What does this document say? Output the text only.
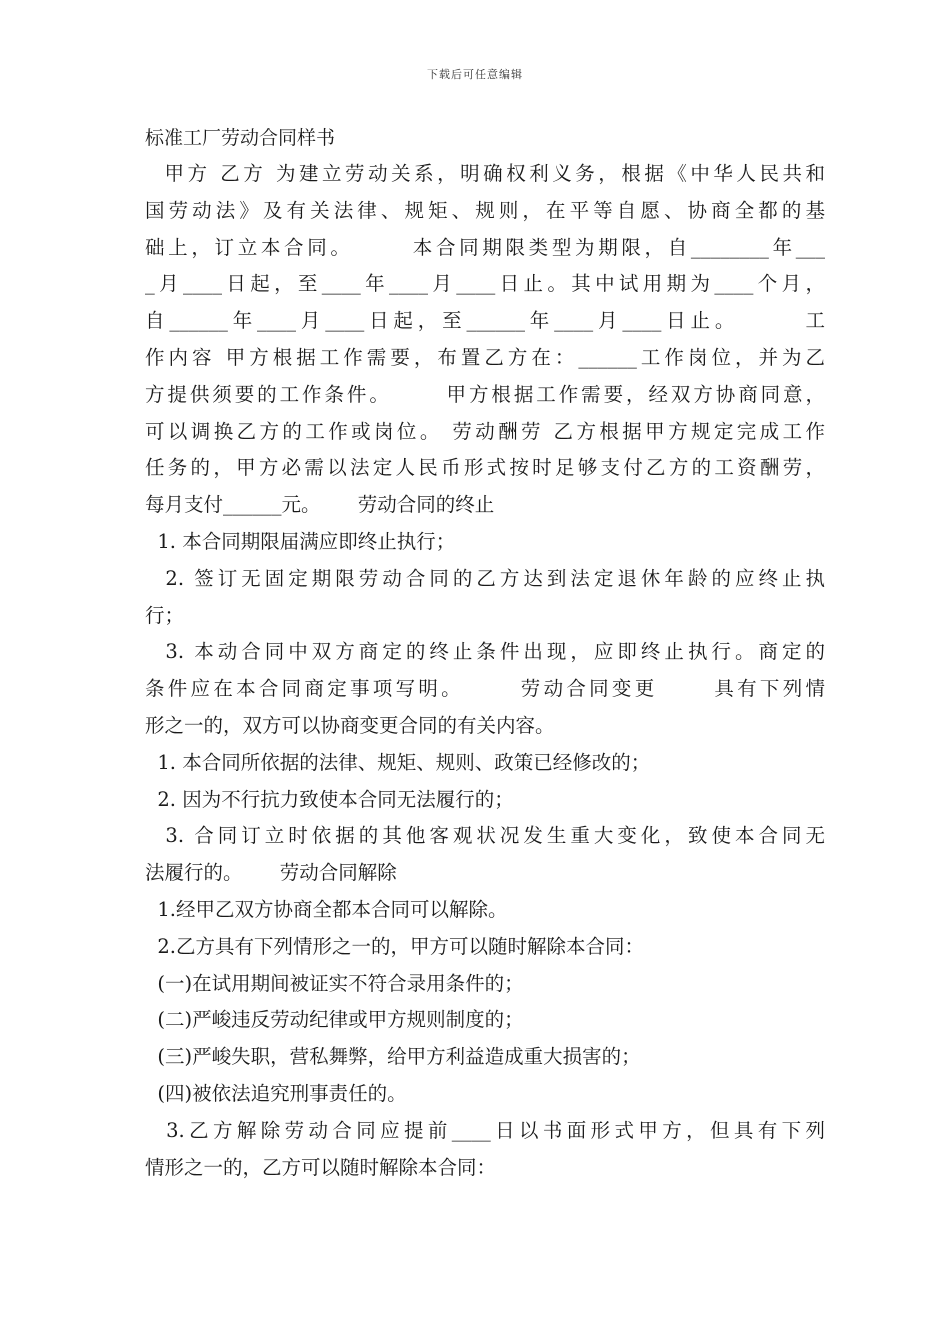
下载后可任意编辑
标准工厂劳动合同样书
甲方 乙方 为建立劳动关系，明确权利义务，根据《中华人民共和
国劳动法》及有关法律、规矩、规则，在平等自愿、协商全都的基
础上，订立本合同。      本合同期限类型为期限，自________年___
_月____日起，至____年____月____日止。其中试用期为____个月，
自______年____月____日起，至______年____月____日止。      工
作内容 甲方根据工作需要，布置乙方在：______工作岗位，并为乙
方提供须要的工作条件。      甲方根据工作需要，经双方协商同意，
可以调换乙方的工作或岗位。 劳动酬劳 乙方根据甲方规定完成工作
任务的，甲方必需以法定人民币形式按时足够支付乙方的工资酬劳，
每月支付______元。      劳动合同的终止
1. 本合同期限届满应即终止执行；
2. 签订无固定期限劳动合同的乙方达到法定退休年龄的应终止执
行；
3. 本动合同中双方商定的终止条件出现，应即终止执行。商定的
条件应在本合同商定事项写明。      劳动合同变更      具有下列情
形之一的，双方可以协商变更合同的有关内容。
1. 本合同所依据的法律、规矩、规则、政策已经修改的；
2. 因为不行抗力致使本合同无法履行的；
3. 合同订立时依据的其他客观状况发生重大变化，致使本合同无
法履行的。      劳动合同解除
1.经甲乙双方协商全都本合同可以解除。
2.乙方具有下列情形之一的，甲方可以随时解除本合同：
(一)在试用期间被证实不符合录用条件的；
(二)严峻违反劳动纪律或甲方规则制度的；
(三)严峻失职，营私舞弊，给甲方利益造成重大损害的；
(四)被依法追究刑事责任的。
3.乙方解除劳动合同应提前____日以书面形式甲方，但具有下列
情形之一的，乙方可以随时解除本合同：
